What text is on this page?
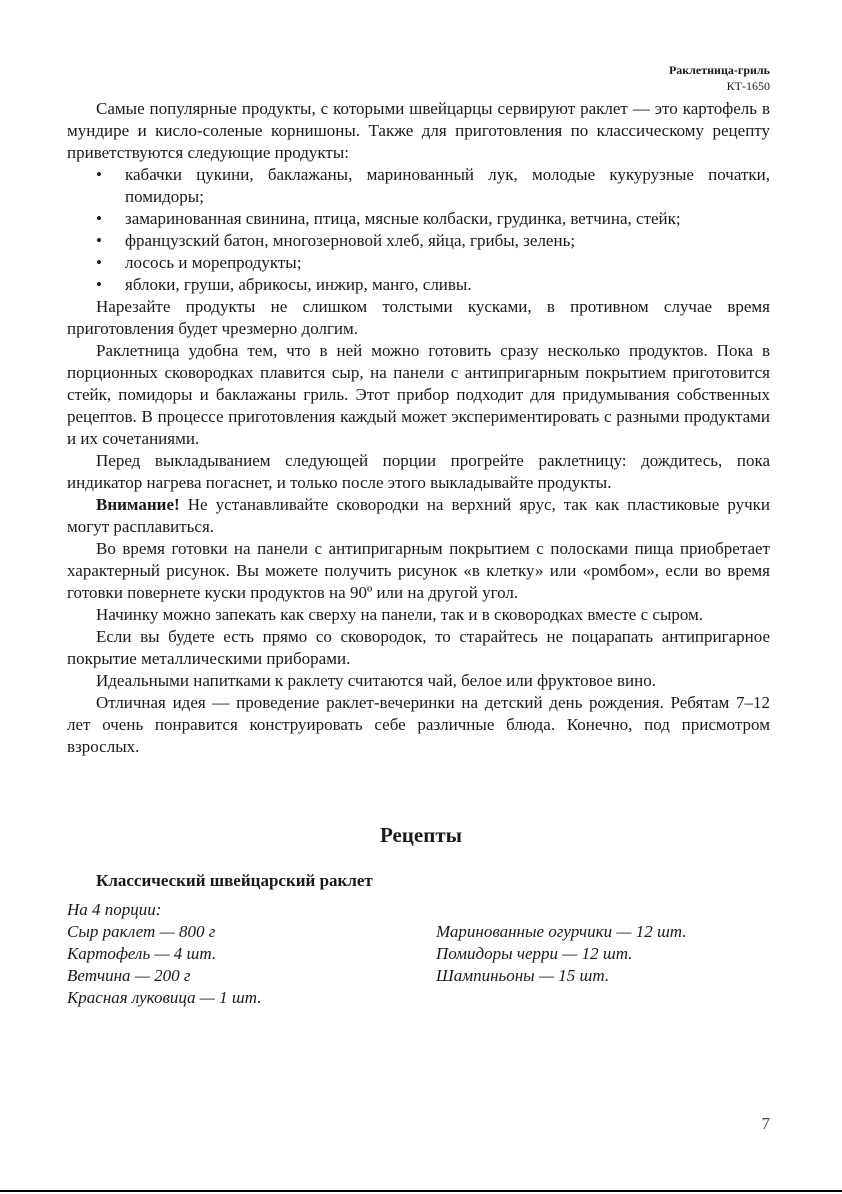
Раклетница-гриль
КТ-1650

Самые популярные продукты, с которыми швейцарцы сервируют раклет — это картофель в мундире и кисло-соленые корнишоны. Также для приготовления по классическому рецепту приветствуются следующие продукты:

• кабачки цукини, баклажаны, маринованный лук, молодые кукурузные початки, помидоры;
• замаринованная свинина, птица, мясные колбаски, грудинка, ветчина, стейк;
• французский батон, многозерновой хлеб, яйца, грибы, зелень;
• лосось и морепродукты;
• яблоки, груши, абрикосы, инжир, манго, сливы.

Нарезайте продукты не слишком толстыми кусками, в противном случае время приготовления будет чрезмерно долгим.

Раклетница удобна тем, что в ней можно готовить сразу несколько продуктов. Пока в порционных сковородках плавится сыр, на панели с антипригарным покрытием приготовится стейк, помидоры и баклажаны гриль. Этот прибор подходит для придумывания собственных рецептов. В процессе приготовления каждый может экспериментировать с разными продуктами и их сочетаниями.

Перед выкладыванием следующей порции прогрейте раклетницу: дождитесь, пока индикатор нагрева погаснет, и только после этого выкладывайте продукты.

Внимание! Не устанавливайте сковородки на верхний ярус, так как пластиковые ручки могут расплавиться.

Во время готовки на панели с антипригарным покрытием с полосками пища приобретает характерный рисунок. Вы можете получить рисунок «в клетку» или «ромбом», если во время готовки повернете куски продуктов на 90º или на другой угол.

Начинку можно запекать как сверху на панели, так и в сковородках вместе с сыром.

Если вы будете есть прямо со сковородок, то старайтесь не поцарапать антипригарное покрытие металлическими приборами.

Идеальными напитками к раклету считаются чай, белое или фруктовое вино.

Отличная идея — проведение раклет-вечеринки на детский день рождения. Ребятам 7–12 лет очень понравится конструировать себе различные блюда. Конечно, под присмотром взрослых.

Рецепты
Классический швейцарский раклет
На 4 порции:
Сыр раклет — 800 г
Картофель — 4 шт.
Ветчина — 200 г
Красная луковица — 1 шт.
Маринованные огурчики — 12 шт.
Помидоры черри — 12 шт.
Шампиньоны — 15 шт.
7
